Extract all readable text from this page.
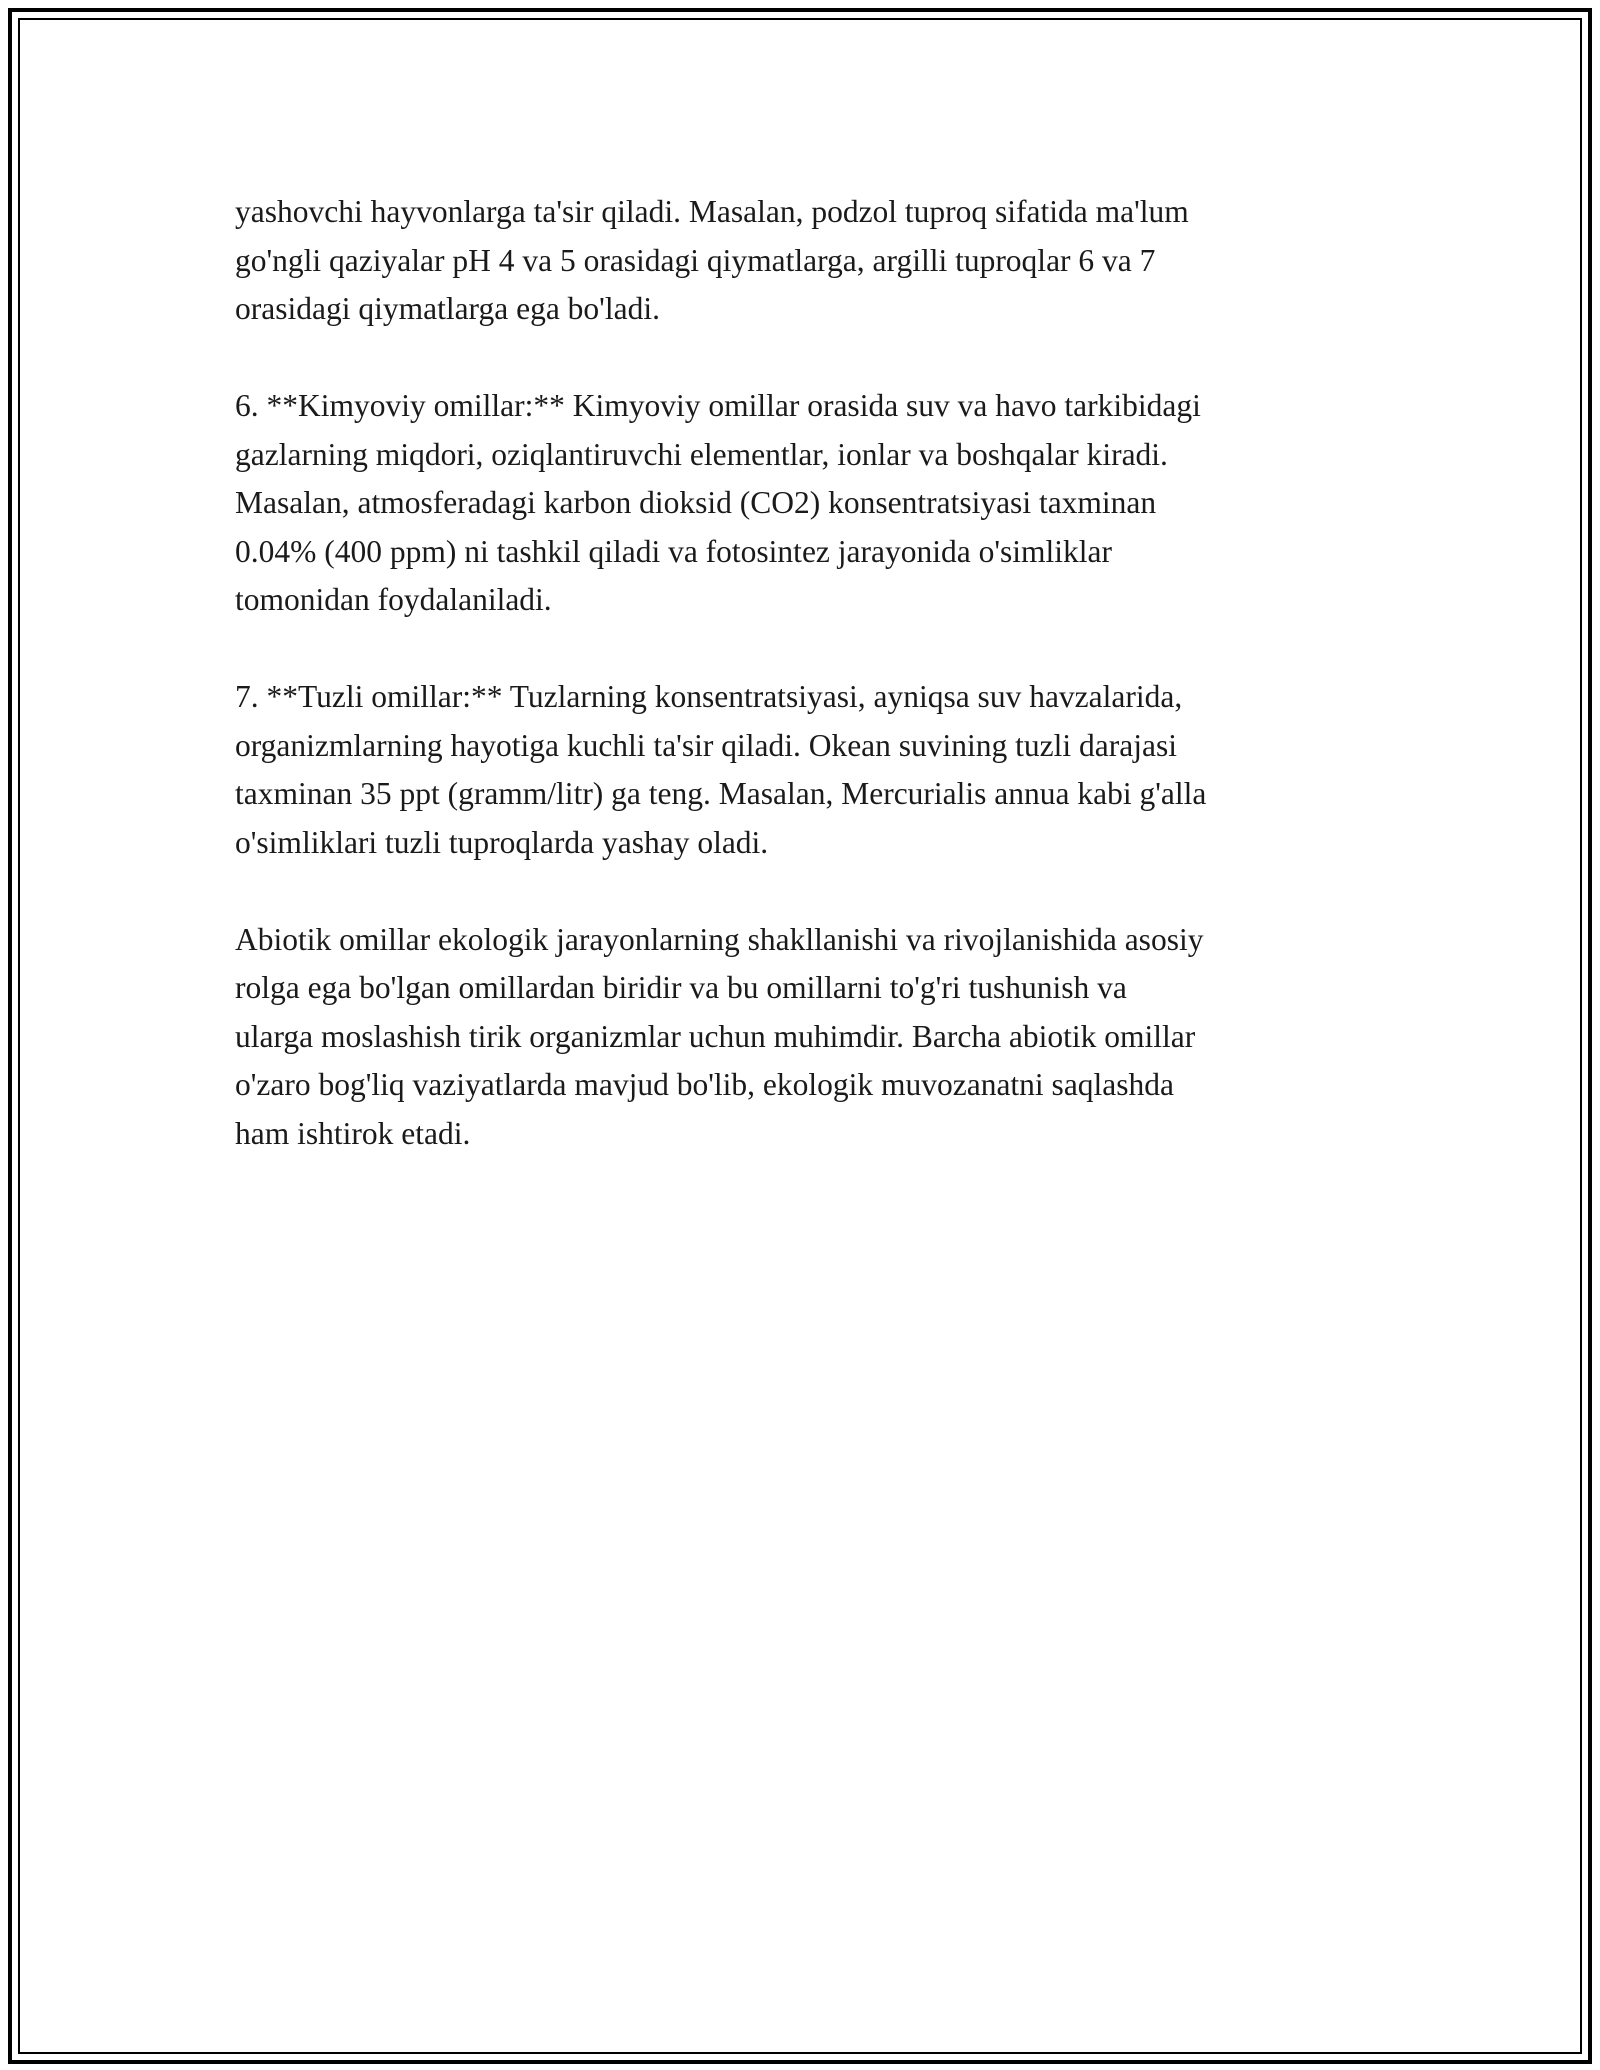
yashovchi hayvonlarga ta'sir qiladi. Masalan, podzol tuproq sifatida ma'lum
go'ngli qaziyalar pH 4 va 5 orasidagi qiymatlarga, argilli tuproqlar 6 va 7
orasidagi qiymatlarga ega bo'ladi.

6. **Kimyoviy omillar:** Kimyoviy omillar orasida suv va havo tarkibidagi
gazlarning miqdori, oziqlantiruvchi elementlar, ionlar va boshqalar kiradi.
Masalan, atmosferadagi karbon dioksid (CO2) konsentratsiyasi taxminan
0.04% (400 ppm) ni tashkil qiladi va fotosintez jarayonida o'simliklar
tomonidan foydalaniladi.

7. **Tuzli omillar:** Tuzlarning konsentratsiyasi, ayniqsa suv havzalarida,
organizmlarning hayotiga kuchli ta'sir qiladi. Okean suvining tuzli darajasi
taxminan 35 ppt (gramm/litr) ga teng. Masalan, Mercurialis annua kabi g'alla
o'simliklari tuzli tuproqlarda yashay oladi.

Abiotik omillar ekologik jarayonlarning shakllanishi va rivojlanishida asosiy
rolga ega bo'lgan omillardan biridir va bu omillarni to'g'ri tushunish va
ularga moslashish tirik organizmlar uchun muhimdir. Barcha abiotik omillar
o'zaro bog'liq vaziyatlarda mavjud bo'lib, ekologik muvozanatni saqlashda
ham ishtirok etadi.
